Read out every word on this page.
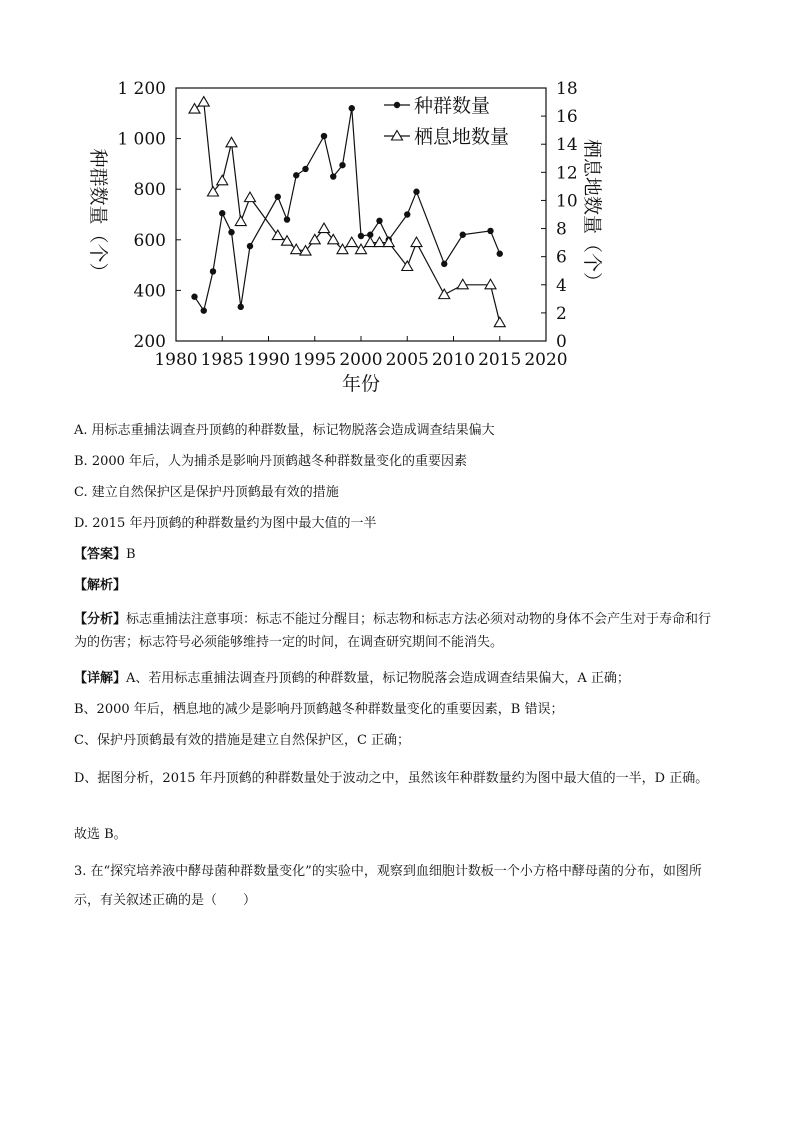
1980 1985 1990 1995 2000 2005 2010 2015 2020
200
400
600
800
1 000
1 200
0
2
4
6
8
10
12
14
16
18
年份
种群数量（个）	栖息地数量（个）
种群数量
栖息地数量
A. 用标志重捕法调查丹顶鹤的种群数量，标记物脱落会造成调查结果偏大
B. 2000 年后，人为捕杀是影响丹顶鹤越冬种群数量变化的重要因素
C. 建立自然保护区是保护丹顶鹤最有效的措施
D. 2015 年丹顶鹤的种群数量约为图中最大值的一半
【答案】B
【解析】
【分析】标志重捕法注意事项：标志不能过分醒目；标志物和标志方法必须对动物的身体不会产生对于寿命和行为的伤害；标志符号必须能够维持一定的时间，在调查研究期间不能消失。
【详解】A、若用标志重捕法调查丹顶鹤的种群数量，标记物脱落会造成调查结果偏大，A 正确；
B、2000 年后，栖息地的减少是影响丹顶鹤越冬种群数量变化的重要因素，B 错误；
C、保护丹顶鹤最有效的措施是建立自然保护区，C 正确；
D、据图分析，2015 年丹顶鹤的种群数量处于波动之中，虽然该年种群数量约为图中最大值的一半，D 正确。
故选 B。
3. 在“探究培养液中酵母菌种群数量变化”的实验中，观察到血细胞计数板一个小方格中酵母菌的分布，如图所示，有关叙述正确的是（　　）
